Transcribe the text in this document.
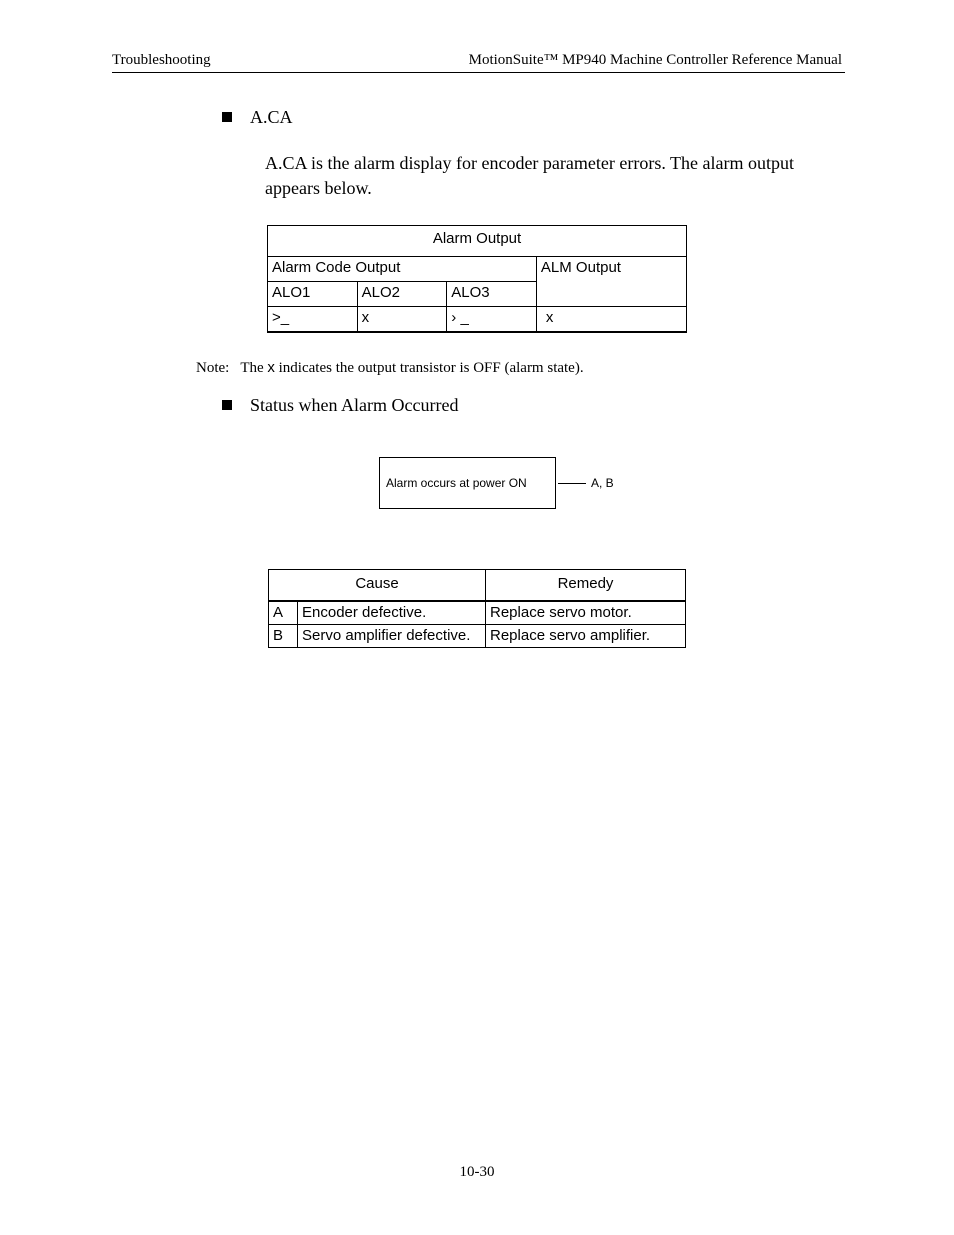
Troubleshooting	MotionSuite™ MP940 Machine Controller Reference Manual
A.CA
A.CA is the alarm display for encoder parameter errors. The alarm output appears below.
Alarm Output			
Alarm Code Output			ALM Output
ALO1	ALO2	ALO3	
>_	x	› _	x
Note: The x indicates the output transistor is OFF (alarm state).
Status when Alarm Occurred
Alarm occurs at power ON	A, B
Cause		Remedy
A	Encoder defective.	Replace servo motor.
B	Servo amplifier defective.	Replace servo amplifier.
10-30
